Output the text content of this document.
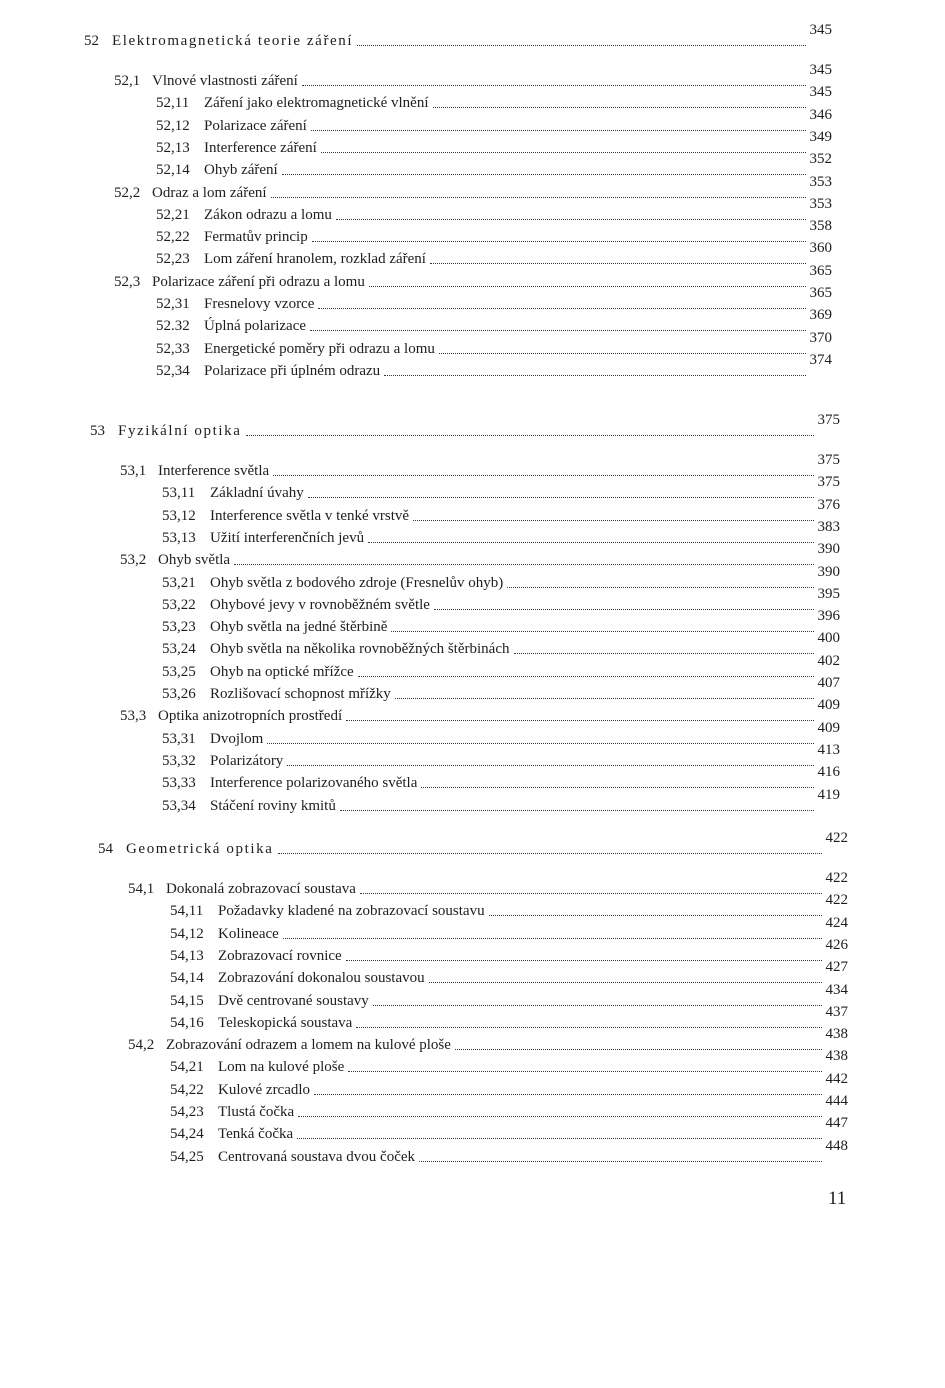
52 Elektromagnetická teorie záření
345
52,1 Vlnové vlastnosti záření
345
52,11 Záření jako elektromagnetické vlnění
345
52,12 Polarizace záření
346
52,13 Interference záření
349
52,14 Ohyb záření
352
52,2 Odraz a lom záření
353
52,21 Zákon odrazu a lomu
353
52,22 Fermatův princip
358
52,23 Lom záření hranolem, rozklad záření
360
52,3 Polarizace záření při odrazu a lomu
365
52,31 Fresnelovy vzorce
365
52.32 Úplná polarizace
369
52,33 Energetické poměry při odrazu a lomu
370
52,34 Polarizace při úplném odrazu
374
53 Fyzikální optika
375
53,1 Interference světla
375
53,11 Základní úvahy
375
53,12 Interference světla v tenké vrstvě
376
53,13 Užití interferenčních jevů
383
53,2 Ohyb světla
390
53,21 Ohyb světla z bodového zdroje (Fresnelův ohyb)
390
53,22 Ohybové jevy v rovnoběžném světle
395
53,23 Ohyb světla na jedné štěrbině
396
53,24 Ohyb světla na několika rovnoběžných štěrbinách
400
53,25 Ohyb na optické mřížce
402
53,26 Rozlišovací schopnost mřížky
407
53,3 Optika anizotropních prostředí
409
53,31 Dvojlom
409
53,32 Polarizátory
413
53,33 Interference polarizovaného světla
416
53,34 Stáčení roviny kmitů
419
54 Geometrická optika
422
54,1 Dokonalá zobrazovací soustava
422
54,11 Požadavky kladené na zobrazovací soustavu
422
54,12 Kolineace
424
54,13 Zobrazovací rovnice
426
54,14 Zobrazování dokonalou soustavou
427
54,15 Dvě centrované soustavy
434
54,16 Teleskopická soustava
437
54,2 Zobrazování odrazem a lomem na kulové ploše
438
54,21 Lom na kulové ploše
438
54,22 Kulové zrcadlo
442
54,23 Tlustá čočka
444
54,24 Tenká čočka
447
54,25 Centrovaná soustava dvou čoček
448
11
